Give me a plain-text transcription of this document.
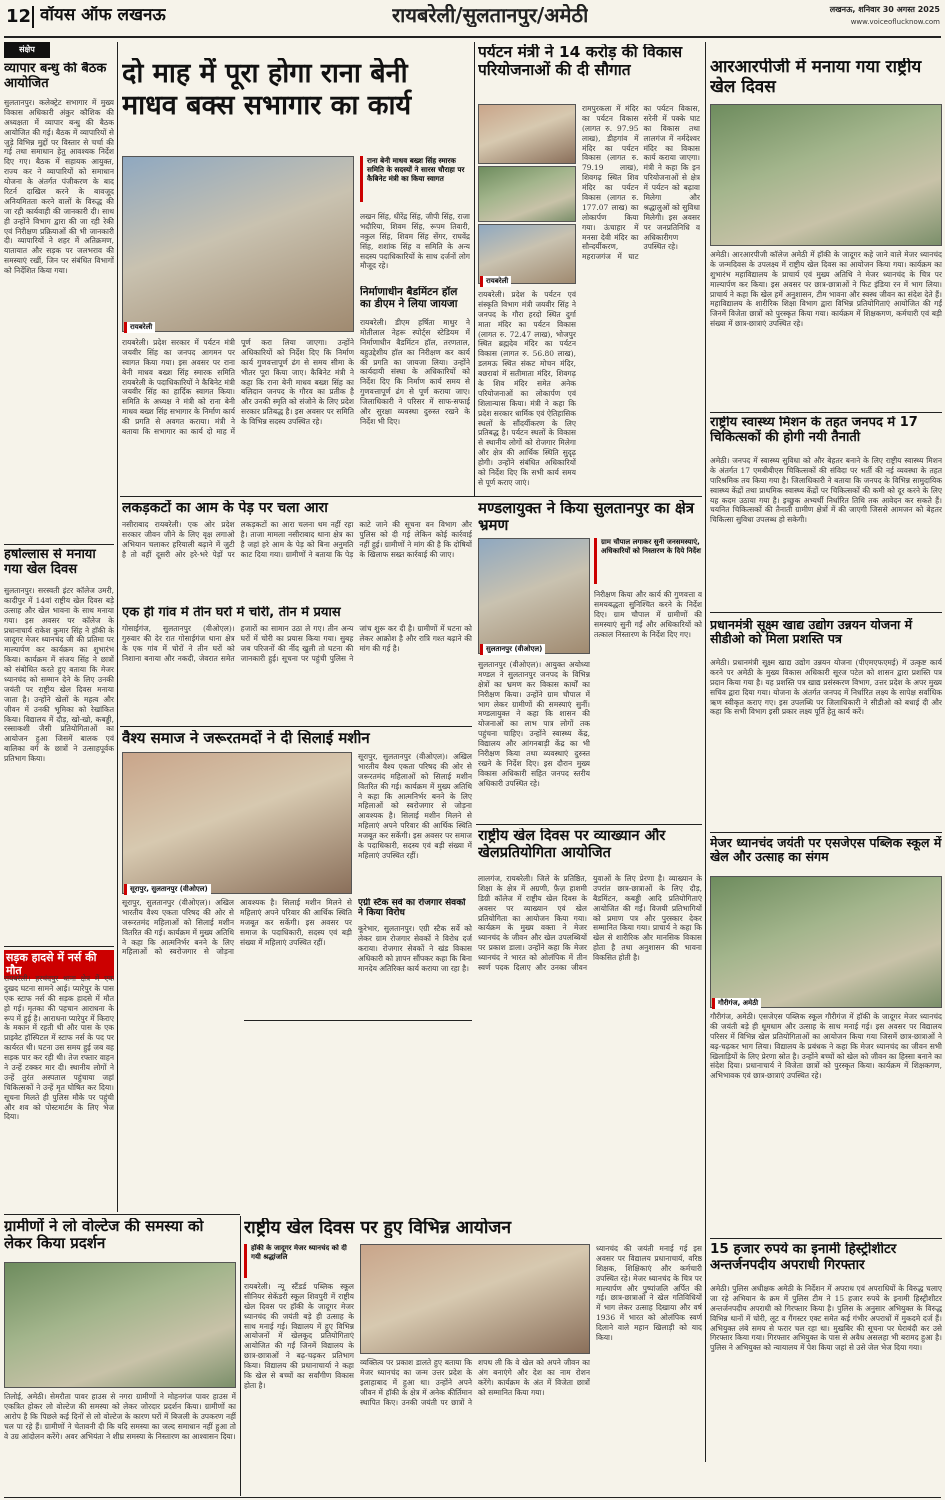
12 वॉयस ऑफ लखनऊ	रायबरेली/सुलतानपुर/अमेठी	लखनऊ, शनिवार 30 अगस्त 2025
www.voiceoflucknow.com
संक्षेप
व्यापार बन्धु की बैठक आयोजित
सुलतानपुर। कलेक्ट्रेट सभागार में मुख्य विकास अधिकारी अंकुर कौशिक की अध्यक्षता में व्यापार बन्धु की बैठक आयोजित की गई। बैठक में व्यापारियों से जुड़े विभिन्न मुद्दों पर विस्तार से चर्चा की गई तथा समाधान हेतु आवश्यक निर्देश दिए गए। बैठक में सहायक आयुक्त, राज्य कर ने व्यापारियों को समाधान योजना के अंतर्गत पंजीकरण के बाद रिटर्न दाखिल करने के बावजूद अनियमितता करने वालों के विरुद्ध की जा रही कार्यवाही की जानकारी दी। साथ ही उन्होंने विभाग द्वारा की जा रही रेकी एवं निरीक्षण प्रक्रियाओं की भी जानकारी दी। व्यापारियों ने शहर में अतिक्रमण, यातायात और सड़क पर जलभराव की समस्याएं रखीं, जिन पर संबंधित विभागों को निर्देशित किया गया।
हर्षोल्लास से मनाया गया खेल दिवस
सुलतानपुर। सरस्वती इंटर कॉलेज उमरी, कादीपुर में 14वां राष्ट्रीय खेल दिवस बड़े उत्साह और खेल भावना के साथ मनाया गया। इस अवसर पर कॉलेज के प्रधानाचार्य राकेश कुमार सिंह ने हॉकी के जादूगर मेजर ध्यानचंद जी की प्रतिमा पर माल्यार्पण कर कार्यक्रम का शुभारंभ किया। कार्यक्रम में संजय सिंह ने छात्रों को संबोधित करते हुए बताया कि मेजर ध्यानचंद को सम्मान देने के लिए उनकी जयंती पर राष्ट्रीय खेल दिवस मनाया जाता है। उन्होंने खेलों के महत्व और जीवन में उनकी भूमिका को रेखांकित किया। विद्यालय में दौड़, खो-खो, कबड्डी, रस्साकशी जैसी प्रतियोगिताओं का आयोजन हुआ जिसमें बालक एवं बालिका वर्ग के छात्रों ने उत्साहपूर्वक प्रतिभाग किया।
सड़क हादसे में नर्स की मौत
रायबरेली। हरचंदपुर थाना क्षेत्र में एक दुखद घटना सामने आई। प्यारेपुर के पास एक स्टाफ नर्स की सड़क हादसे में मौत हो गई। मृतका की पहचान आराधना के रूप में हुई है। आराधना प्यारेपुर में किराए के मकान में रहती थी और पास के एक प्राइवेट हॉस्पिटल में स्टाफ नर्स के पद पर कार्यरत थी। घटना उस समय हुई जब वह सड़क पार कर रही थी। तेज रफ्तार वाहन ने उन्हें टक्कर मार दी। स्थानीय लोगों ने उन्हें तुरंत अस्पताल पहुंचाया जहां चिकित्सकों ने उन्हें मृत घोषित कर दिया। सूचना मिलते ही पुलिस मौके पर पहुंची और शव को पोस्टमार्टम के लिए भेज दिया।
दो माह में पूरा होगा राना बेनी माधव बक्स सभागार का कार्य
रायबरेली
राना बेनी माधव बख्श सिंह स्मारक समिति के सदस्यों ने सारस चौराहा पर कैबिनेट मंत्री का किया स्वागत
लखन सिंह, धीरेंद्र सिंह, जीपी सिंह, राजा भदौरिया, शिवम सिंह, रूपम तिवारी, नकुल सिंह, शिवम सिंह सेंगर, राघवेंद्र सिंह, शशांक सिंह व समिति के अन्य सदस्य पदाधिकारियों के साथ दर्जनों लोग मौजूद रहे।
निर्माणाधीन बैडमिंटन हॉल का डीएम ने लिया जायजा
रायबरेली। डीएम हर्षिता माथुर ने मोतीलाल नेहरू स्पोर्ट्स स्टेडियम में निर्माणाधीन बैडमिंटन हॉल, तरणताल, बहुउद्देशीय हॉल का निरीक्षण कर कार्य की प्रगति का जायजा लिया। उन्होंने कार्यदायी संस्था के अधिकारियों को निर्देश दिए कि निर्माण कार्य समय से गुणवत्तापूर्ण ढंग से पूर्ण कराया जाए। जिलाधिकारी ने परिसर में साफ-सफाई और सुरक्षा व्यवस्था दुरुस्त रखने के निर्देश भी दिए।
रायबरेली। प्रदेश सरकार में पर्यटन मंत्री जयवीर सिंह का जनपद आगमन पर स्वागत किया गया। इस अवसर पर राना बेनी माधव बख्श सिंह स्मारक समिति रायबरेली के पदाधिकारियों ने कैबिनेट मंत्री जयवीर सिंह का हार्दिक स्वागत किया। समिति के अध्यक्ष ने मंत्री को राना बेनी माधव बख्श सिंह सभागार के निर्माण कार्य की प्रगति से अवगत कराया। मंत्री ने बताया कि सभागार का कार्य दो माह में पूर्ण करा लिया जाएगा। उन्होंने अधिकारियों को निर्देश दिए कि निर्माण कार्य गुणवत्तापूर्ण ढंग से समय सीमा के भीतर पूरा किया जाए। कैबिनेट मंत्री ने कहा कि राना बेनी माधव बख्श सिंह का बलिदान जनपद के गौरव का प्रतीक है और उनकी स्मृति को संजोने के लिए प्रदेश सरकार प्रतिबद्ध है। इस अवसर पर समिति के विभिन्न सदस्य उपस्थित रहे।
पर्यटन मंत्री ने 14 करोड़ की विकास परियोजनाओं की दी सौगात
रायबरेली
रायबरेली। प्रदेश के पर्यटन एवं संस्कृति विभाग मंत्री जयवीर सिंह ने जनपद के गौरा हरदो स्थित दुर्गा माता मंदिर का पर्यटन विकास (लागत रु. 72.47 लाख), भोजपुर स्थित ब्रह्मदेव मंदिर का पर्यटन विकास (लागत रु. 56.80 लाख), डलमऊ स्थित संकट मोचन मंदिर, बछरावां में सतीमाता मंदिर, शिवगढ़ के शिव मंदिर समेत अनेक परियोजनाओं का लोकार्पण एवं शिलान्यास किया। मंत्री ने कहा कि प्रदेश सरकार धार्मिक एवं ऐतिहासिक स्थलों के सौंदर्यीकरण के लिए प्रतिबद्ध है। पर्यटन स्थलों के विकास से स्थानीय लोगों को रोजगार मिलेगा और क्षेत्र की आर्थिक स्थिति सुदृढ़ होगी। उन्होंने संबंधित अधिकारियों को निर्देश दिए कि सभी कार्य समय से पूर्ण कराए जाएं।
रामपुरकला में मंदिर का पर्यटन विकास (लागत रु. 97.95 लाख), डीहगांव में मंदिर का पर्यटन विकास (लागत रु. 79.19 लाख), शिवगढ़ स्थित शिव मंदिर का पर्यटन विकास (लागत रु. 177.07 लाख) का लोकार्पण किया गया। ऊंचाहार में मनसा देवी मंदिर का सौन्दर्यीकरण, महराजगंज में घाट का पर्यटन विकास, सरेनी में पक्के घाट का विकास तथा लालगंज में नर्मदेश्वर मंदिर का विकास कार्य कराया जाएगा। मंत्री ने कहा कि इन परियोजनाओं से क्षेत्र में पर्यटन को बढ़ावा मिलेगा और श्रद्धालुओं को सुविधा मिलेगी। इस अवसर पर जनप्रतिनिधि व अधिकारीगण उपस्थित रहे।
आरआरपीजी में मनाया गया राष्ट्रीय खेल दिवस
अमेठी। आरआरपीजी कॉलेज अमेठी में हॉकी के जादूगर कहे जाने वाले मेजर ध्यानचंद के जन्मदिवस के उपलक्ष्य में राष्ट्रीय खेल दिवस का आयोजन किया गया। कार्यक्रम का शुभारंभ महाविद्यालय के प्राचार्य एवं मुख्य अतिथि ने मेजर ध्यानचंद के चित्र पर माल्यार्पण कर किया। इस अवसर पर छात्र-छात्राओं ने फिट इंडिया रन में भाग लिया। प्राचार्य ने कहा कि खेल हमें अनुशासन, टीम भावना और स्वस्थ जीवन का संदेश देते हैं। महाविद्यालय के शारीरिक शिक्षा विभाग द्वारा विभिन्न प्रतियोगिताएं आयोजित की गईं जिनमें विजेता छात्रों को पुरस्कृत किया गया। कार्यक्रम में शिक्षकगण, कर्मचारी एवं बड़ी संख्या में छात्र-छात्राएं उपस्थित रहे।
राष्ट्रीय स्वास्थ्य मिशन के तहत जनपद में 17 चिकित्सकों की होगी नयी तैनाती
अमेठी। जनपद में स्वास्थ्य सुविधा को और बेहतर बनाने के लिए राष्ट्रीय स्वास्थ्य मिशन के अंतर्गत 17 एमबीबीएस चिकित्सकों की संविदा पर भर्ती की नई व्यवस्था के तहत पारिश्रमिक तय किया गया है। जिलाधिकारी ने बताया कि जनपद के विभिन्न सामुदायिक स्वास्थ्य केंद्रों तथा प्राथमिक स्वास्थ्य केंद्रों पर चिकित्सकों की कमी को दूर करने के लिए यह कदम उठाया गया है। इच्छुक अभ्यर्थी निर्धारित तिथि तक आवेदन कर सकते हैं। चयनित चिकित्सकों की तैनाती ग्रामीण क्षेत्रों में की जाएगी जिससे आमजन को बेहतर चिकित्सा सुविधा उपलब्ध हो सकेगी।
प्रधानमंत्री सूक्ष्म खाद्य उद्योग उन्नयन योजना में सीडीओ को मिला प्रशस्ति पत्र
अमेठी। प्रधानमंत्री सूक्ष्म खाद्य उद्योग उन्नयन योजना (पीएमएफएमई) में उत्कृष्ट कार्य करने पर अमेठी के मुख्य विकास अधिकारी सूरज पटेल को शासन द्वारा प्रशस्ति पत्र प्रदान किया गया है। यह प्रशस्ति पत्र खाद्य प्रसंस्करण विभाग, उत्तर प्रदेश के अपर मुख्य सचिव द्वारा दिया गया। योजना के अंतर्गत जनपद में निर्धारित लक्ष्य के सापेक्ष सर्वाधिक ऋण स्वीकृत कराए गए। इस उपलब्धि पर जिलाधिकारी ने सीडीओ को बधाई दी और कहा कि सभी विभाग इसी प्रकार लक्ष्य पूर्ति हेतु कार्य करें।
मेजर ध्यानचंद जयंती पर एसजेएस पब्लिक स्कूल में खेल और उत्साह का संगम
गौरीगंज, अमेठी
गौरीगंज, अमेठी। एसजेएस पब्लिक स्कूल गौरीगंज में हॉकी के जादूगर मेजर ध्यानचंद की जयंती बड़े ही धूमधाम और उत्साह के साथ मनाई गई। इस अवसर पर विद्यालय परिसर में विभिन्न खेल प्रतियोगिताओं का आयोजन किया गया जिसमें छात्र-छात्राओं ने बढ़-चढ़कर भाग लिया। विद्यालय के प्रबंधक ने कहा कि मेजर ध्यानचंद का जीवन सभी खिलाड़ियों के लिए प्रेरणा स्रोत है। उन्होंने बच्चों को खेल को जीवन का हिस्सा बनाने का संदेश दिया। प्रधानाचार्य ने विजेता छात्रों को पुरस्कृत किया। कार्यक्रम में शिक्षकगण, अभिभावक एवं छात्र-छात्राएं उपस्थित रहे।
15 हजार रुपये का इनामी हिस्ट्रीशीटर अन्तर्जनपदीय अपराधी गिरफ्तार
अमेठी। पुलिस अधीक्षक अमेठी के निर्देशन में अपराध एवं अपराधियों के विरुद्ध चलाए जा रहे अभियान के क्रम में पुलिस टीम ने 15 हजार रुपये के इनामी हिस्ट्रीशीटर अन्तर्जनपदीय अपराधी को गिरफ्तार किया है। पुलिस के अनुसार अभियुक्त के विरुद्ध विभिन्न थानों में चोरी, लूट व गैंगस्टर एक्ट समेत कई गंभीर अपराधों में मुकदमे दर्ज हैं। अभियुक्त लंबे समय से फरार चल रहा था। मुखबिर की सूचना पर घेराबंदी कर उसे गिरफ्तार किया गया। गिरफ्तार अभियुक्त के पास से अवैध असलहा भी बरामद हुआ है। पुलिस ने अभियुक्त को न्यायालय में पेश किया जहां से उसे जेल भेज दिया गया।
लकड़कटों का आम के पेड़ पर चला आरा
नसीराबाद रायबरेली। एक ओर प्रदेश सरकार जीवन जीने के लिए वृक्ष लगाओ अभियान चलाकर हरियाली बढ़ाने में जुटी है तो वहीं दूसरी ओर हरे-भरे पेड़ों पर लकड़कटों का आरा चलना थम नहीं रहा है। ताजा मामला नसीराबाद थाना क्षेत्र का है जहां हरे आम के पेड़ को बिना अनुमति काट दिया गया। ग्रामीणों ने बताया कि पेड़ काटे जाने की सूचना वन विभाग और पुलिस को दी गई लेकिन कोई कार्रवाई नहीं हुई। ग्रामीणों ने मांग की है कि दोषियों के खिलाफ सख्त कार्रवाई की जाए।
एक ही गांव में तीन घरों में चोरी, तीन में प्रयास
गोसाईगंज, सुलतानपुर (वीओएल)। गुरुवार की देर रात गोसाईगंज थाना क्षेत्र के एक गांव में चोरों ने तीन घरों को निशाना बनाया और नकदी, जेवरात समेत हजारों का सामान उठा ले गए। तीन अन्य घरों में चोरी का प्रयास किया गया। सुबह जब परिजनों की नींद खुली तो घटना की जानकारी हुई। सूचना पर पहुंची पुलिस ने जांच शुरू कर दी है। ग्रामीणों में घटना को लेकर आक्रोश है और रात्रि गश्त बढ़ाने की मांग की गई है।
मण्डलायुक्त ने किया सुलतानपुर का क्षेत्र भ्रमण
सुलतानपुर (वीओएल)
ग्राम चौपाल लगाकर सुनी जनसमस्याएं, अधिकारियों को निस्तारण के दिये निर्देश
निरीक्षण किया और कार्य की गुणवत्ता व समयबद्धता सुनिश्चित करने के निर्देश दिए। ग्राम चौपाल में ग्रामीणों की समस्याएं सुनी गईं और अधिकारियों को तत्काल निस्तारण के निर्देश दिए गए।
सुलतानपुर (वीओएल)। आयुक्त अयोध्या मण्डल ने सुलतानपुर जनपद के विभिन्न क्षेत्रों का भ्रमण कर विकास कार्यों का निरीक्षण किया। उन्होंने ग्राम चौपाल में भाग लेकर ग्रामीणों की समस्याएं सुनीं। मण्डलायुक्त ने कहा कि शासन की योजनाओं का लाभ पात्र लोगों तक पहुंचना चाहिए। उन्होंने स्वास्थ्य केंद्र, विद्यालय और आंगनबाड़ी केंद्र का भी निरीक्षण किया तथा व्यवस्थाएं दुरुस्त रखने के निर्देश दिए। इस दौरान मुख्य विकास अधिकारी सहित जनपद स्तरीय अधिकारी उपस्थित रहे।
वैश्य समाज ने जरूरतमदों ने दी सिलाई मशीन
सूरापुर, सुलतानपुर (वीओएल)
सूरापुर, सुलतानपुर (वीओएल)। अखिल भारतीय वैश्य एकता परिषद की ओर से जरूरतमंद महिलाओं को सिलाई मशीन वितरित की गई। कार्यक्रम में मुख्य अतिथि ने कहा कि आत्मनिर्भर बनने के लिए महिलाओं को स्वरोजगार से जोड़ना आवश्यक है। सिलाई मशीन मिलने से महिलाएं अपने परिवार की आर्थिक स्थिति मजबूत कर सकेंगी। इस अवसर पर समाज के पदाधिकारी, सदस्य एवं बड़ी संख्या में महिलाएं उपस्थित रहीं।
सूरापुर, सुलतानपुर (वीओएल)। अखिल भारतीय वैश्य एकता परिषद की ओर से जरूरतमंद महिलाओं को सिलाई मशीन वितरित की गई। कार्यक्रम में मुख्य अतिथि ने कहा कि आत्मनिर्भर बनने के लिए महिलाओं को स्वरोजगार से जोड़ना आवश्यक है। सिलाई मशीन मिलने से महिलाएं अपने परिवार की आर्थिक स्थिति मजबूत कर सकेंगी। इस अवसर पर समाज के पदाधिकारी, सदस्य एवं बड़ी संख्या में महिलाएं उपस्थित रहीं।
एग्री स्टैक सर्वे का रोजगार सेवकों ने किया विरोध
कूरेभार, सुलतानपुर। एग्री स्टैक सर्वे को लेकर ग्राम रोजगार सेवकों ने विरोध दर्ज कराया। रोजगार सेवकों ने खंड विकास अधिकारी को ज्ञापन सौंपकर कहा कि बिना मानदेय अतिरिक्त कार्य कराया जा रहा है।
राष्ट्रीय खेल दिवस पर व्याख्यान और खेलप्रतियोगिता आयोजित
लालगंज, रायबरेली। जिले के प्रतिष्ठित, शिक्षा के क्षेत्र में अग्रणी, फ़ैज़ हाशमी डिग्री कॉलेज में राष्ट्रीय खेल दिवस के अवसर पर व्याख्यान एवं खेल प्रतियोगिता का आयोजन किया गया। कार्यक्रम के मुख्य वक्ता ने मेजर ध्यानचंद के जीवन और खेल उपलब्धियों पर प्रकाश डाला। उन्होंने कहा कि मेजर ध्यानचंद ने भारत को ओलंपिक में तीन स्वर्ण पदक दिलाए और उनका जीवन युवाओं के लिए प्रेरणा है। व्याख्यान के उपरांत छात्र-छात्राओं के लिए दौड़, बैडमिंटन, कबड्डी आदि प्रतियोगिताएं आयोजित की गईं। विजयी प्रतिभागियों को प्रमाण पत्र और पुरस्कार देकर सम्मानित किया गया। प्राचार्य ने कहा कि खेल से शारीरिक और मानसिक विकास होता है तथा अनुशासन की भावना विकसित होती है।
ग्रामीणों ने लो वोल्टेज की समस्या को लेकर किया प्रदर्शन
तिलोई, अमेठी। सेमरौता पावर हाउस से नगरा ग्रामीणों ने मोहनगंज पावर हाउस में एकत्रित होकर लो वोल्टेज की समस्या को लेकर जोरदार प्रदर्शन किया। ग्रामीणों का आरोप है कि पिछले कई दिनों से लो वोल्टेज के कारण घरों में बिजली के उपकरण नहीं चल पा रहे हैं। ग्रामीणों ने चेतावनी दी कि यदि समस्या का जल्द समाधान नहीं हुआ तो वे उग्र आंदोलन करेंगे। अवर अभियंता ने शीघ्र समस्या के निस्तारण का आश्वासन दिया।
राष्ट्रीय खेल दिवस पर हुए विभिन्न आयोजन
हॉकी के जादूगर मेजर ध्यानचंद को दी गयी श्रद्धांजलि
रायबरेली। न्यू स्टैंडर्ड पब्लिक स्कूल सीनियर सेकेंडरी स्कूल शिवपुरी में राष्ट्रीय खेल दिवस पर हॉकी के जादूगर मेजर ध्यानचंद की जयंती बड़े ही उत्साह के साथ मनाई गई। विद्यालय में हुए विभिन्न आयोजनों में खेलकूद प्रतियोगिताएं आयोजित की गईं जिनमें विद्यालय के छात्र-छात्राओं ने बढ़-चढ़कर प्रतिभाग किया। विद्यालय की प्रधानाचार्या ने कहा कि खेल से बच्चों का सर्वांगीण विकास होता है।
व्यक्तित्व पर प्रकाश डालते हुए बताया कि मेजर ध्यानचंद का जन्म उत्तर प्रदेश के इलाहाबाद में हुआ था। उन्होंने अपने जीवन में हॉकी के क्षेत्र में अनेक कीर्तिमान स्थापित किए। उनकी जयंती पर छात्रों ने शपथ ली कि वे खेल को अपने जीवन का अंग बनाएंगे और देश का नाम रोशन करेंगे। कार्यक्रम के अंत में विजेता छात्रों को सम्मानित किया गया।
ध्यानचंद की जयंती मनाई गई इस अवसर पर विद्यालय प्रधानाचार्य, वरिष्ठ शिक्षक, शिक्षिकाएं और कर्मचारी उपस्थित रहे। मेजर ध्यानचंद के चित्र पर माल्यार्पण और पुष्पांजलि अर्पित की गई। छात्र-छात्राओं ने खेल गतिविधियों में भाग लेकर उत्साह दिखाया और वर्ष 1936 में भारत को ओलंपिक स्वर्ण दिलाने वाले महान खिलाड़ी को याद किया।
